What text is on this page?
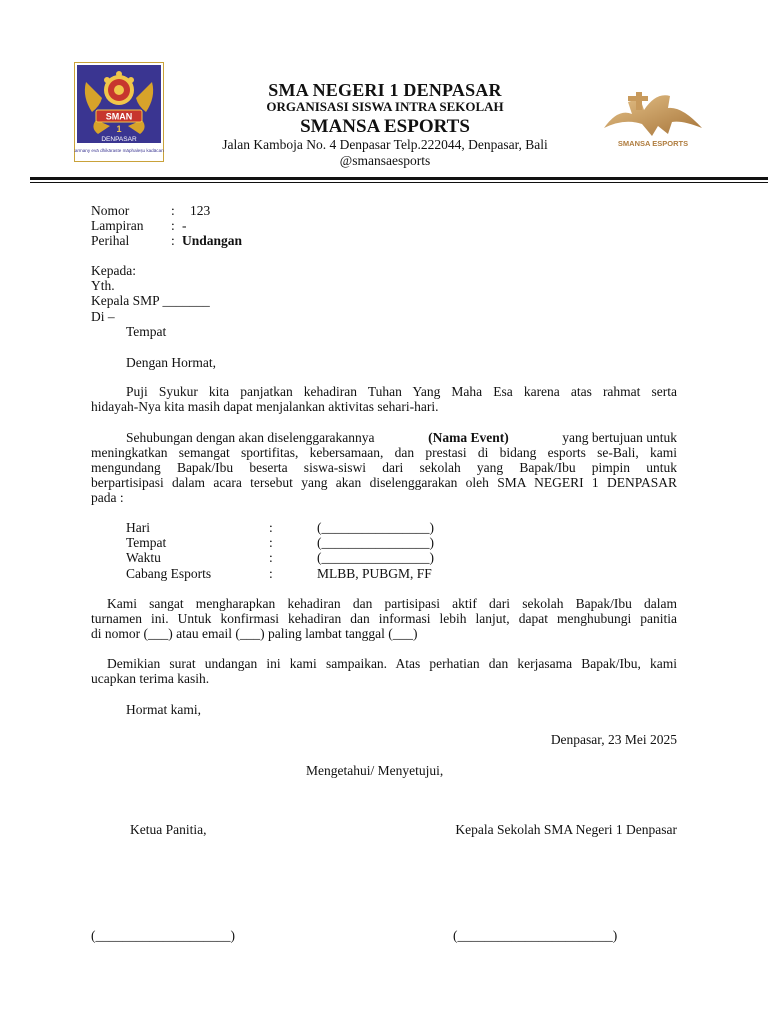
SMAN
1
DENPASAR
Karmany evā dhikāraste māphaleṣu kadācana
SMA NEGERI 1 DENPASAR
ORGANISASI SISWA INTRA SEKOLAH
SMANSA ESPORTS
Jalan Kamboja No. 4 Denpasar Telp.222044, Denpasar, Bali
@smansaesports
SMANSA ESPORTS
Nomor	: 123
Lampiran : -
Perihal	: Undangan
Kepada:
Yth.
Kepala SMP _______
Di –
Tempat
Dengan Hormat,
Puji Syukur kita panjatkan kehadiran Tuhan Yang Maha Esa karena atas rahmat serta
hidayah-Nya kita masih dapat menjalankan aktivitas sehari-hari.
Sehubungan dengan akan diselenggarakannya	(Nama Event)	yang bertujuan untuk
meningkatkan semangat sportifitas, kebersamaan, dan prestasi di bidang esports se-Bali, kami
mengundang Bapak/Ibu beserta siswa-siswi dari sekolah yang Bapak/Ibu pimpin untuk
berpartisipasi dalam acara tersebut yang akan diselenggarakan oleh SMA NEGERI 1 DENPASAR
pada :
Hari	:	(________________)
Tempat	:	(________________)
Waktu	:	(________________)
Cabang Esports	:	MLBB, PUBGM, FF
Kami sangat mengharapkan kehadiran dan partisipasi aktif dari sekolah Bapak/Ibu dalam
turnamen ini. Untuk konfirmasi kehadiran dan informasi lebih lanjut, dapat menghubungi panitia
di nomor (___) atau email (___) paling lambat tanggal (___)
Demikian surat undangan ini kami sampaikan. Atas perhatian dan kerjasama Bapak/Ibu, kami
ucapkan terima kasih.
Hormat kami,
Denpasar, 23 Mei 2025
Mengetahui/ Menyetujui,
Ketua Panitia,	Kepala Sekolah SMA Negeri 1 Denpasar
(____________________)	(_______________________)
